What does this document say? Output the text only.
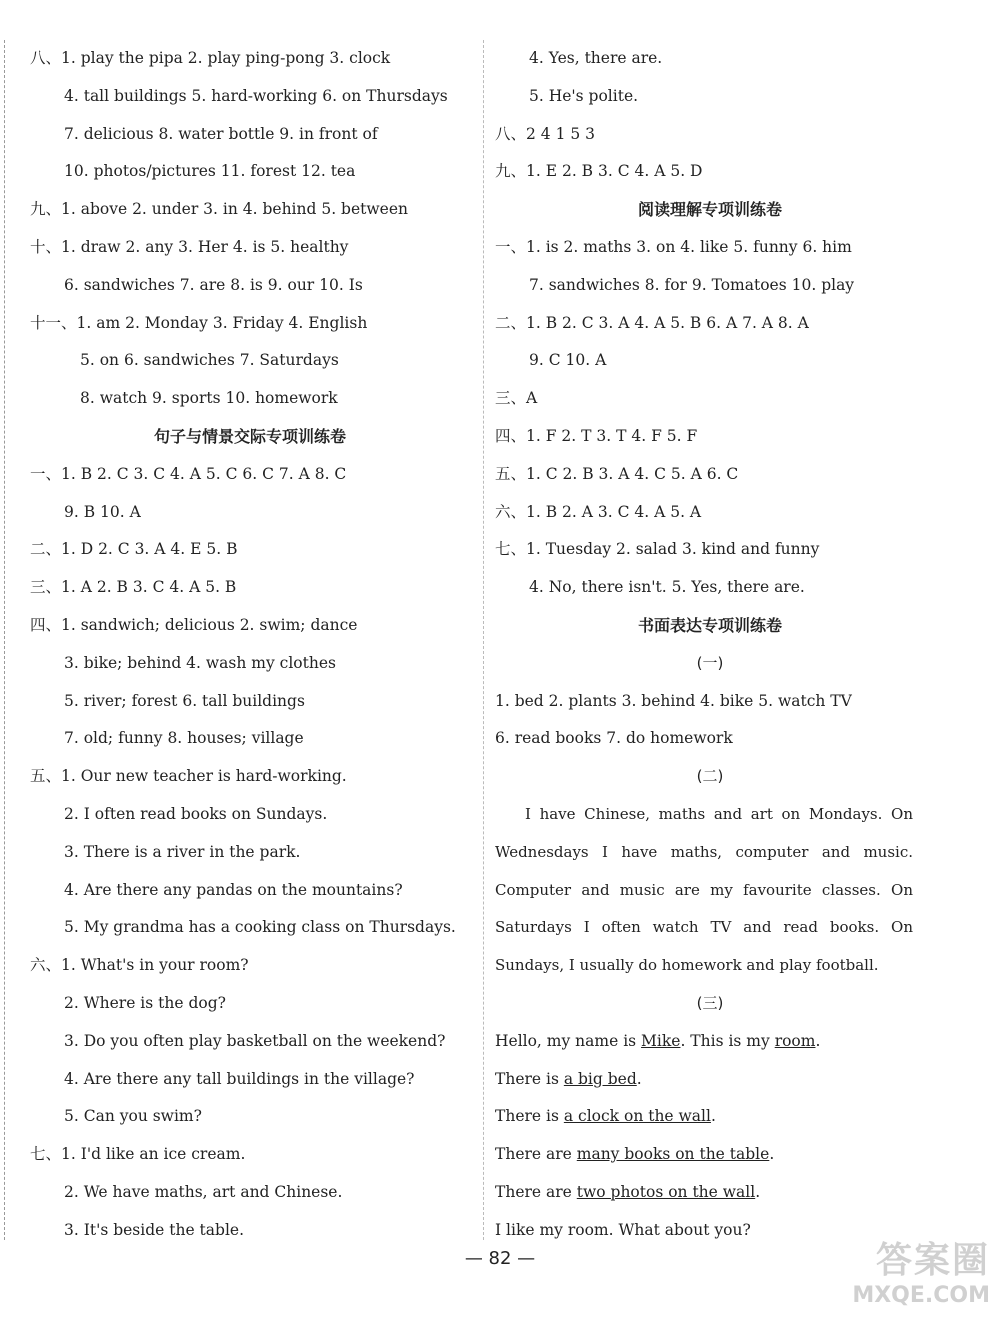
八、1. play the pipa 2. play ping-pong 3. clock
4. tall buildings 5. hard-working 6. on Thursdays
7. delicious 8. water bottle 9. in front of
10. photos/pictures 11. forest 12. tea
九、1. above 2. under 3. in 4. behind 5. between
十、1. draw 2. any 3. Her 4. is 5. healthy
6. sandwiches 7. are 8. is 9. our 10. Is
十一、1. am 2. Monday 3. Friday 4. English
5. on 6. sandwiches 7. Saturdays
8. watch 9. sports 10. homework
句子与情景交际专项训练卷
一、1. B 2. C 3. C 4. A 5. C 6. C 7. A 8. C
9. B 10. A
二、1. D 2. C 3. A 4. E 5. B
三、1. A 2. B 3. C 4. A 5. B
四、1. sandwich; delicious 2. swim; dance
3. bike; behind 4. wash my clothes
5. river; forest 6. tall buildings
7. old; funny 8. houses; village
五、1. Our new teacher is hard-working.
2. I often read books on Sundays.
3. There is a river in the park.
4. Are there any pandas on the mountains?
5. My grandma has a cooking class on Thursdays.
六、1. What's in your room?
2. Where is the dog?
3. Do you often play basketball on the weekend?
4. Are there any tall buildings in the village?
5. Can you swim?
七、1. I'd like an ice cream.
2. We have maths, art and Chinese.
3. It's beside the table.
4. Yes, there are.
5. He's polite.
八、2 4 1 5 3
九、1. E 2. B 3. C 4. A 5. D
阅读理解专项训练卷
一、1. is 2. maths 3. on 4. like 5. funny 6. him
7. sandwiches 8. for 9. Tomatoes 10. play
二、1. B 2. C 3. A 4. A 5. B 6. A 7. A 8. A
9. C 10. A
三、A
四、1. F 2. T 3. T 4. F 5. F
五、1. C 2. B 3. A 4. C 5. A 6. C
六、1. B 2. A 3. C 4. A 5. A
七、1. Tuesday 2. salad 3. kind and funny
4. No, there isn't. 5. Yes, there are.
书面表达专项训练卷
(一)
1. bed 2. plants 3. behind 4. bike 5. watch TV
6. read books 7. do homework
(二)
I have Chinese, maths and art on Mondays. On Wednesdays I have maths, computer and music. Computer and music are my favourite classes. On Saturdays I often watch TV and read books. On Sundays, I usually do homework and play football.
(三)
Hello, my name is Mike. This is my room.
There is a big bed.
There is a clock on the wall.
There are many books on the table.
There are two photos on the wall.
I like my room. What about you?
— 82 —	答案圈
MXQE.COM
